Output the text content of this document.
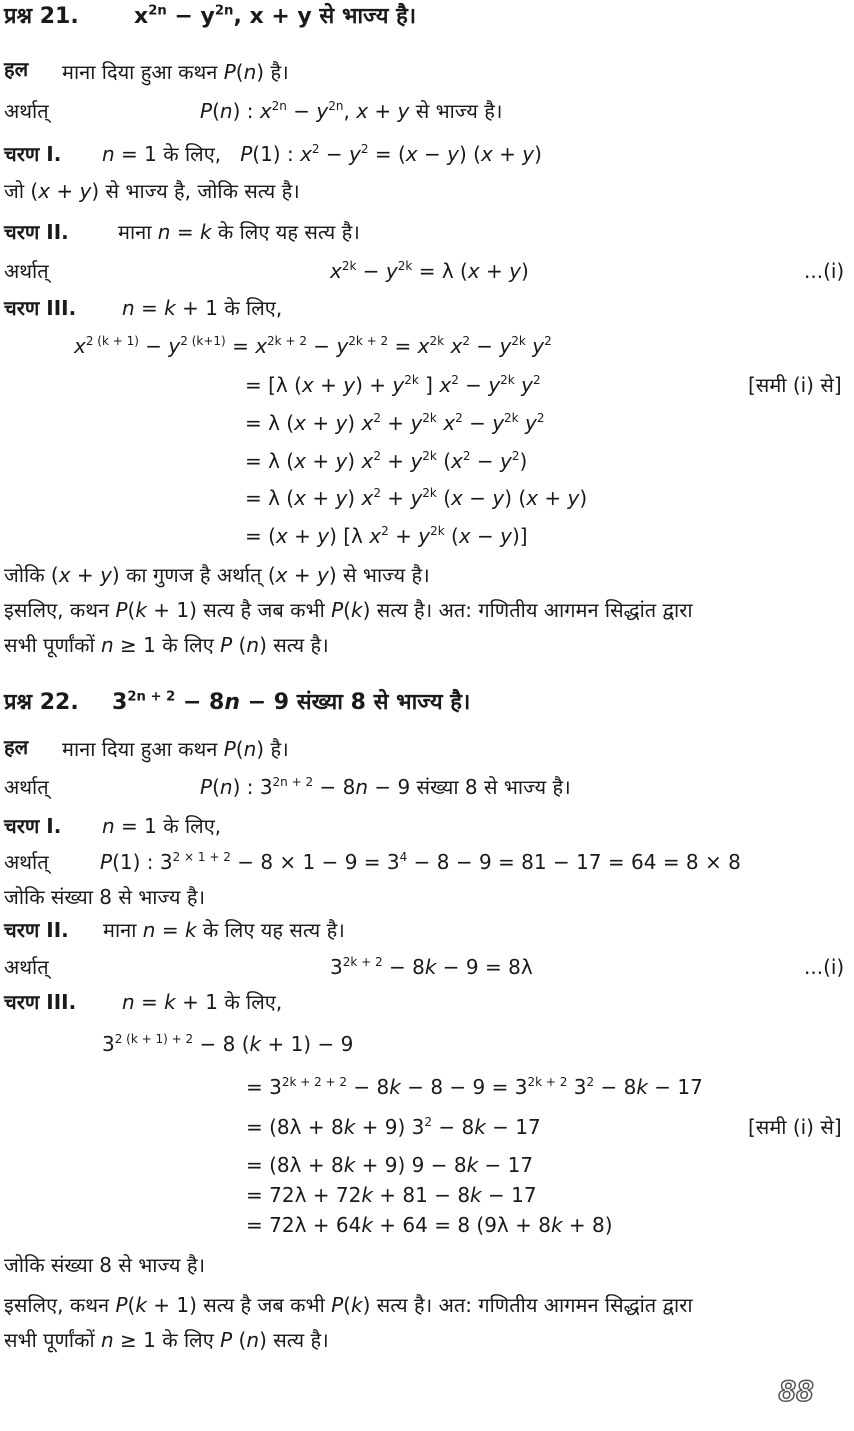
प्रश्न 21.	$x^{2n} - y^{2n}$, x + y से भाज्य है।
हल माना दिया हुआ कथन P(n) है।
अर्थात्	P(n) : $x^{2n} - y^{2n}$, x + y से भाज्य है।
चरण I. n = 1 के लिए,   P(1) : $x^2 - y^2 = (x - y) (x + y)$
जो (x + y) से भाज्य है, जोकि सत्य है।
चरण II. माना n = k के लिए यह सत्य है।
अर्थात्	$x^{2k} - y^{2k} = \lambda$ (x + y)	...(i)
चरण III. n = k + 1 के लिए,
$x^{2 (k + 1)} - y^{2 (k+1)} = x^{2k + 2} - y^{2k + 2} = x^{2k}$ $x^2 - y^{2k}$ $y^2$
= [λ $(x + y) + y^{2k}$ ] $x^2 - y^{2k}$ $y^2$	[समी (i) से]
= λ (x + y) $x^2 + y^{2k}$ $x^2 - y^{2k}$ $y^2$
= λ (x + y) $x^2 + y^{2k}$ $(x^2 - y^2)$
= λ (x + y) $x^2 + y^{2k}$ (x − y) (x + y)
= (x + y) [λ $x^2 + y^{2k}$ (x − y)]
जोकि (x + y) का गुणज है अर्थात् (x + y) से भाज्य है।
इसलिए, कथन P(k + 1) सत्य है जब कभी P(k) सत्य है। अत: गणितीय आगमन सिद्धांत द्वारा
सभी पूर्णांकों n ≥ 1 के लिए P (n) सत्य है।
प्रश्न 22. $3^{2n + 2} - 8n - 9$ संख्या 8 से भाज्य है।
हल माना दिया हुआ कथन P(n) है।
अर्थात्	P(n) : $3^{2n + 2} - 8n - 9$ संख्या 8 से भाज्य है।
चरण I. n = 1 के लिए,
अर्थात्	P(1) : $3^{2 \times 1 + 2} - 8 \times 1 - 9 = 3^4 - 8 - 9 = 81 - 17 = 64 = 8 \times 8$
जोकि संख्या 8 से भाज्य है।
चरण II. माना n = k के लिए यह सत्य है।
अर्थात्	$3^{2k + 2} - 8k - 9 = 8\lambda$	...(i)
चरण III. n = k + 1 के लिए,
$3^{2 (k + 1) + 2} - 8$ (k + 1) − 9
= $3^{2k + 2 + 2} - 8k - 8 - 9 = 3^{2k + 2}$ $3^2 - 8k - 17$
= (8λ + 8k + 9) $3^2 - 8k - 17$	[समी (i) से]
= (8λ + 8k + 9) 9 − 8k − 17
= 72λ + 72k + 81 − 8k − 17
= 72λ + 64k + 64 = 8 (9λ + 8k + 8)
जोकि संख्या 8 से भाज्य है।
इसलिए, कथन P(k + 1) सत्य है जब कभी P(k) सत्य है। अत: गणितीय आगमन सिद्धांत द्वारा
सभी पूर्णांकों n ≥ 1 के लिए P (n) सत्य है।
88
